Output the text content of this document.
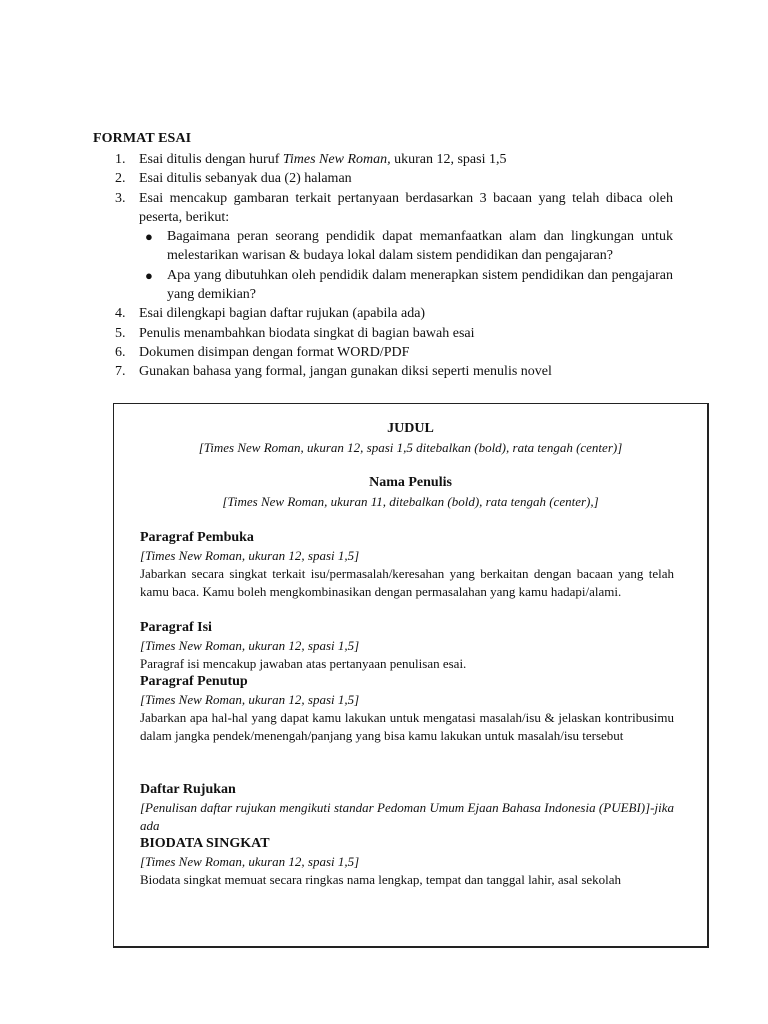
FORMAT ESAI
1. Esai ditulis dengan huruf Times New Roman, ukuran 12, spasi 1,5
2. Esai ditulis sebanyak dua (2) halaman
3. Esai mencakup gambaran terkait pertanyaan berdasarkan 3 bacaan yang telah dibaca oleh peserta, berikut:
● Bagaimana peran seorang pendidik dapat memanfaatkan alam dan lingkungan untuk melestarikan warisan & budaya lokal dalam sistem pendidikan dan pengajaran?
● Apa yang dibutuhkan oleh pendidik dalam menerapkan sistem pendidikan dan pengajaran yang demikian?
4. Esai dilengkapi bagian daftar rujukan (apabila ada)
5. Penulis menambahkan biodata singkat di bagian bawah esai
6. Dokumen disimpan dengan format WORD/PDF
7. Gunakan bahasa yang formal, jangan gunakan diksi seperti menulis novel
JUDUL
[Times New Roman, ukuran 12, spasi 1,5 ditebalkan (bold), rata tengah (center)]
Nama Penulis
[Times New Roman, ukuran 11, ditebalkan (bold), rata tengah (center),]
Paragraf Pembuka
[Times New Roman, ukuran 12, spasi 1,5]
Jabarkan secara singkat terkait isu/permasalah/keresahan yang berkaitan dengan bacaan yang telah kamu baca. Kamu boleh mengkombinasikan dengan permasalahan yang kamu hadapi/alami.
Paragraf Isi
[Times New Roman, ukuran 12, spasi 1,5]
Paragraf isi mencakup jawaban atas pertanyaan penulisan esai.
Paragraf Penutup
[Times New Roman, ukuran 12, spasi 1,5]
Jabarkan apa hal-hal yang dapat kamu lakukan untuk mengatasi masalah/isu & jelaskan kontribusimu dalam jangka pendek/menengah/panjang yang bisa kamu lakukan untuk masalah/isu tersebut
Daftar Rujukan
[Penulisan daftar rujukan mengikuti standar Pedoman Umum Ejaan Bahasa Indonesia (PUEBI)]-jika ada
BIODATA SINGKAT
[Times New Roman, ukuran 12, spasi 1,5]
Biodata singkat memuat secara ringkas nama lengkap, tempat dan tanggal lahir, asal sekolah
